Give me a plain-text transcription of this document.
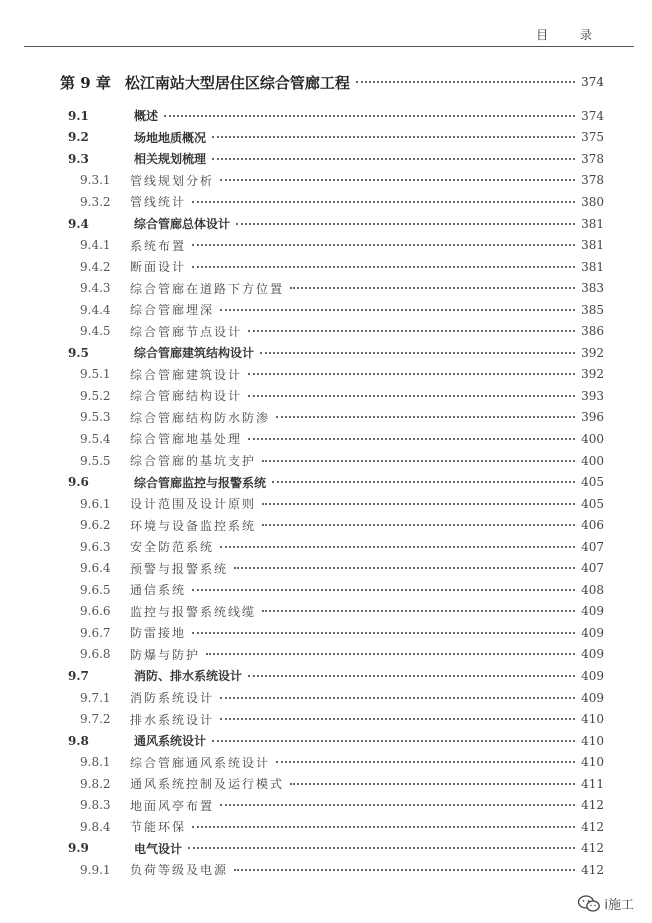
目 录
第 9 章 松江南站大型居住区综合管廊工程	374
9.1	概述	374
9.2	场地地质概况	375
9.3	相关规划梳理	378
9.3.1	管线规划分析	378
9.3.2	管线统计	380
9.4	综合管廊总体设计	381
9.4.1	系统布置	381
9.4.2	断面设计	381
9.4.3	综合管廊在道路下方位置	383
9.4.4	综合管廊埋深	385
9.4.5	综合管廊节点设计	386
9.5	综合管廊建筑结构设计	392
9.5.1	综合管廊建筑设计	392
9.5.2	综合管廊结构设计	393
9.5.3	综合管廊结构防水防渗	396
9.5.4	综合管廊地基处理	400
9.5.5	综合管廊的基坑支护	400
9.6	综合管廊监控与报警系统	405
9.6.1	设计范围及设计原则	405
9.6.2	环境与设备监控系统	406
9.6.3	安全防范系统	407
9.6.4	预警与报警系统	407
9.6.5	通信系统	408
9.6.6	监控与报警系统线缆	409
9.6.7	防雷接地	409
9.6.8	防爆与防护	409
9.7	消防、排水系统设计	409
9.7.1	消防系统设计	409
9.7.2	排水系统设计	410
9.8	通风系统设计	410
9.8.1	综合管廊通风系统设计	410
9.8.2	通风系统控制及运行模式	411
9.8.3	地面风亭布置	412
9.8.4	节能环保	412
9.9	电气设计	412
9.9.1	负荷等级及电源	412
i施工
